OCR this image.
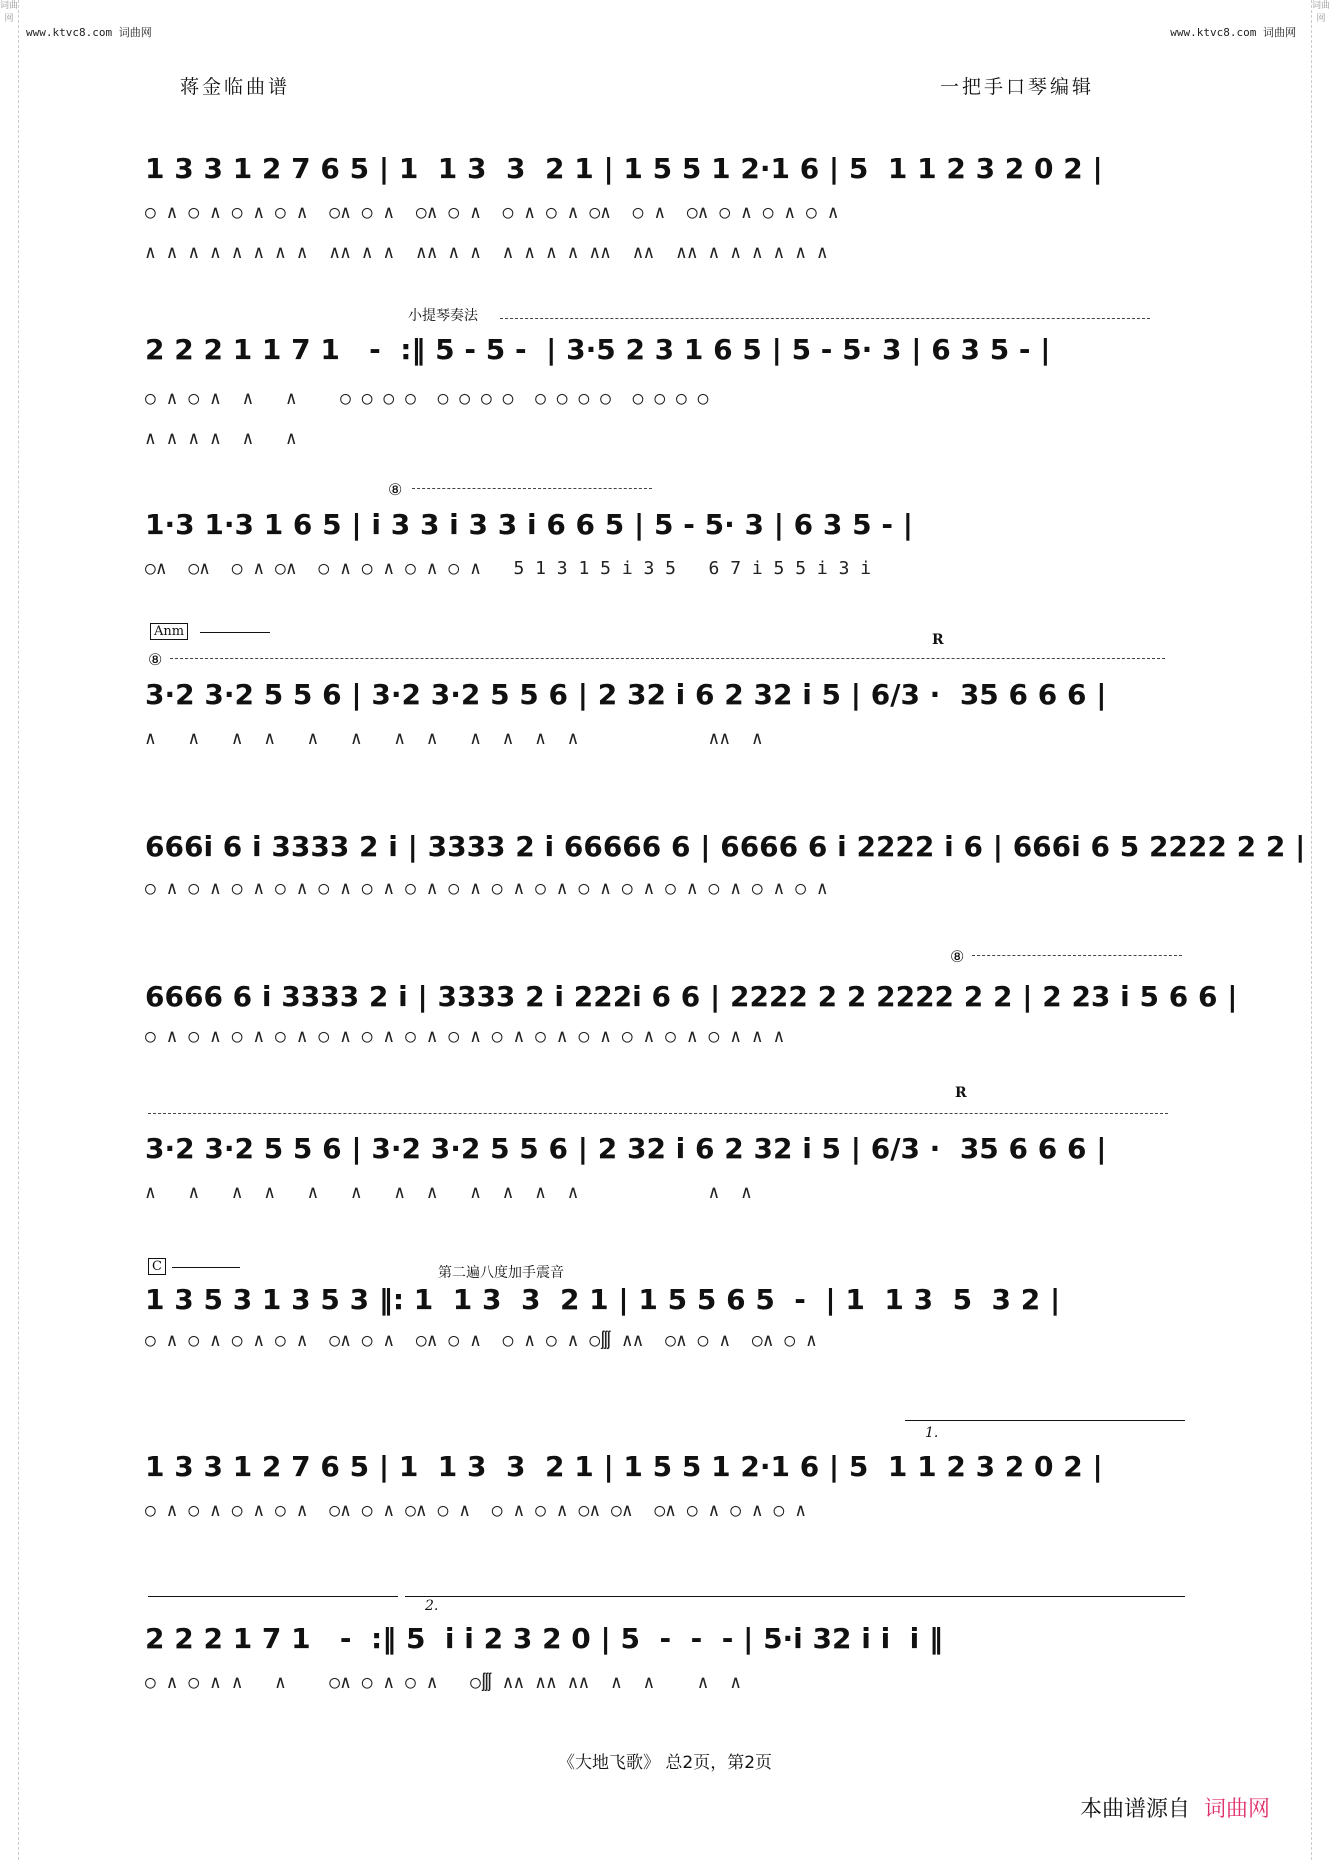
词曲网
词曲网
www.ktvc8.com 词曲网	www.ktvc8.com 词曲网
蒋金临曲谱	一把手口琴编辑
小提琴奏法
⑧
Anm
⑧
R
⑧
R
C	第二遍八度加手震音
1.
2.
1 3 3 1 2 7 6 5 | 1  1 3  3  2 1 | 1 5 5 1 2·1 6 | 5  1 1 2 3 2 0 2 |
○ ∧ ○ ∧ ○ ∧ ○ ∧  ○∧ ○ ∧  ○∧ ○ ∧  ○ ∧ ○ ∧ ○∧  ○ ∧  ○∧ ○ ∧ ○ ∧ ○ ∧
∧ ∧ ∧ ∧ ∧ ∧ ∧ ∧  ∧∧ ∧ ∧  ∧∧ ∧ ∧  ∧ ∧ ∧ ∧ ∧∧  ∧∧  ∧∧ ∧ ∧ ∧ ∧ ∧ ∧
2 2 2 1 1 7 1   -  :‖ 5 - 5 -  | 3·5 2 3 1 6 5 | 5 - 5· 3 | 6 3 5 - |
○ ∧ ○ ∧  ∧   ∧    ○ ○ ○ ○  ○ ○ ○ ○  ○ ○ ○ ○  ○ ○ ○ ○
∧ ∧ ∧ ∧  ∧   ∧
1·3 1·3 1 6 5 | i 3 3 i 3 3 i 6 6 5 | 5 - 5· 3 | 6 3 5 - |
○∧  ○∧  ○ ∧ ○∧  ○ ∧ ○ ∧ ○ ∧ ○ ∧   5 1 3 1 5 i 3 5   6 7 i 5 5 i 3 i
3·2 3·2 5 5 6 | 3·2 3·2 5 5 6 | 2 32 i 6 2 32 i 5 | 6/3 ·  35 6 6 6 |
∧   ∧   ∧  ∧   ∧   ∧   ∧  ∧   ∧  ∧  ∧  ∧            ∧∧  ∧
666i 6 i 3333 2 i | 3333 2 i 66666 6 | 6666 6 i 2222 i 6 | 666i 6 5 2222 2 2 |
○ ∧ ○ ∧ ○ ∧ ○ ∧ ○ ∧ ○ ∧ ○ ∧ ○ ∧ ○ ∧ ○ ∧ ○ ∧ ○ ∧ ○ ∧ ○ ∧ ○ ∧ ○ ∧
6666 6 i 3333 2 i | 3333 2 i 222i 6 6 | 2222 2 2 2222 2 2 | 2 23 i 5 6 6 |
○ ∧ ○ ∧ ○ ∧ ○ ∧ ○ ∧ ○ ∧ ○ ∧ ○ ∧ ○ ∧ ○ ∧ ○ ∧ ○ ∧ ○ ∧ ○ ∧ ∧ ∧
3·2 3·2 5 5 6 | 3·2 3·2 5 5 6 | 2 32 i 6 2 32 i 5 | 6/3 ·  35 6 6 6 |
∧   ∧   ∧  ∧   ∧   ∧   ∧  ∧   ∧  ∧  ∧  ∧            ∧  ∧
1 3 5 3 1 3 5 3 ‖: 1  1 3  3  2 1 | 1 5 5 6 5  -  | 1  1 3  5  3 2 |
○ ∧ ○ ∧ ○ ∧ ○ ∧  ○∧ ○ ∧  ○∧ ○ ∧  ○ ∧ ○ ∧ ○∭ ∧∧  ○∧ ○ ∧  ○∧ ○ ∧
1 3 3 1 2 7 6 5 | 1  1 3  3  2 1 | 1 5 5 1 2·1 6 | 5  1 1 2 3 2 0 2 |
○ ∧ ○ ∧ ○ ∧ ○ ∧  ○∧ ○ ∧ ○∧ ○ ∧  ○ ∧ ○ ∧ ○∧ ○∧  ○∧ ○ ∧ ○ ∧ ○ ∧
2 2 2 1 7 1   -  :‖ 5  i i 2 3 2 0 | 5  -  -  - | 5·i 32 i i  i ‖
○ ∧ ○ ∧ ∧   ∧    ○∧ ○ ∧ ○ ∧   ○∭ ∧∧ ∧∧ ∧∧  ∧  ∧    ∧  ∧
《大地飞歌》 总2页，第2页
本曲谱源自 词曲网
